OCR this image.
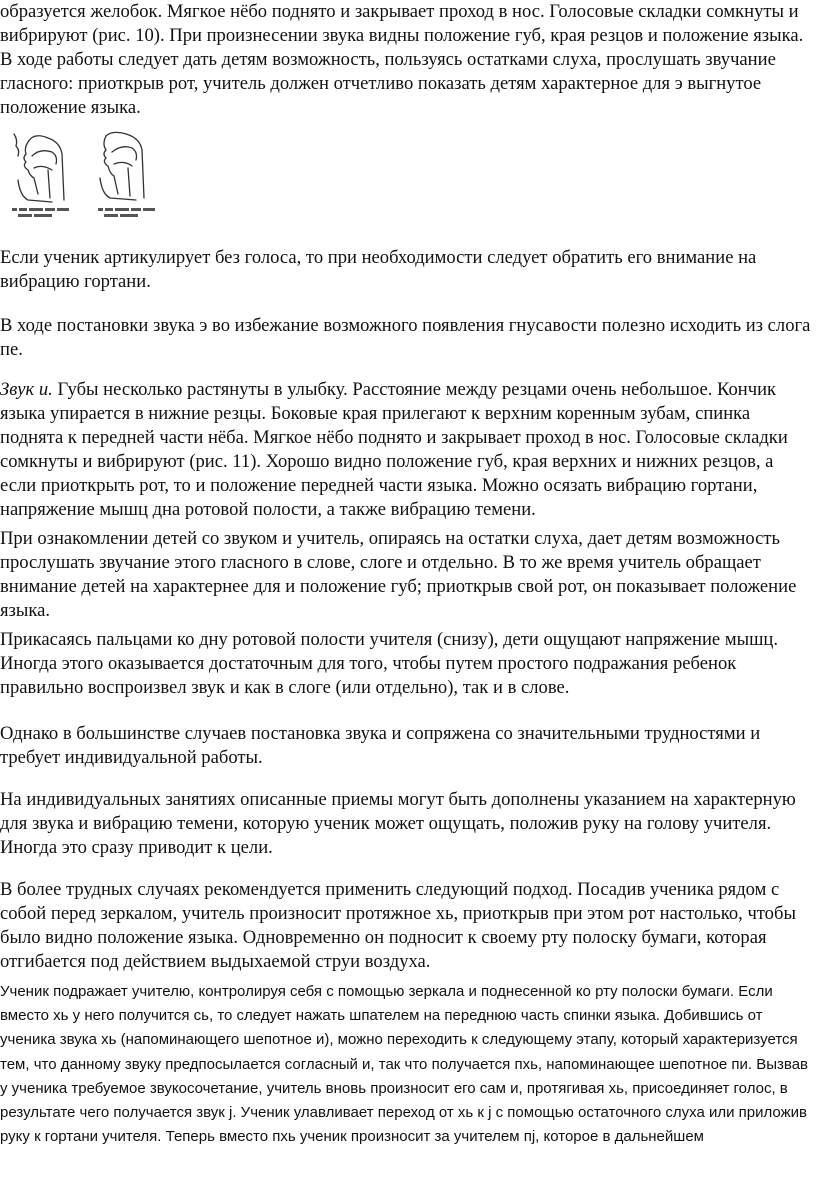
образуется желобок. Мягкое нёбо поднято и закрывает проход в нос. Голосовые складки сомкнуты и вибрируют (рис. 10). При произнесении звука видны положение губ, края резцов и положение языка. В ходе работы следует дать детям возможность, пользуясь остатками слуха, прослушать звучание гласного: приоткрыв рот, учитель должен отчетливо показать детям характерное для э выгнутое положение языка.

Если ученик артикулирует без голоса, то при необходимости следует обратить его внимание на вибрацию гортани.

В ходе постановки звука э во избежание возможного появления гнусавости полезно исходить из слога пе.

Звук и. Губы несколько растянуты в улыбку. Расстояние между резцами очень небольшое. Кончик языка упирается в нижние резцы. Боковые края прилегают к верхним коренным зубам, спинка поднята к передней части нёба. Мягкое нёбо поднято и закрывает проход в нос. Голосовые складки сомкнуты и вибрируют (рис. 11). Хорошо видно положение губ, края верхних и нижних резцов, а если приоткрыть рот, то и положение передней части языка. Можно осязать вибрацию гортани, напряжение мышц дна ротовой полости, а также вибрацию темени.

При ознакомлении детей со звуком и учитель, опираясь на остатки слуха, дает детям возможность прослушать звучание этого гласного в слове, слоге и отдельно. В то же время учитель обращает внимание детей на характернее для и положение губ; приоткрыв свой рот, он показывает положение языка.

Прикасаясь пальцами ко дну ротовой полости учителя (снизу), дети ощущают напряжение мышц. Иногда этого оказывается достаточным для того, чтобы путем простого подражания ребенок правильно воспроизвел звук и как в слоге (или отдельно), так и в слове.

Однако в большинстве случаев постановка звука и сопряжена со значительными трудностями и требует индивидуальной работы.

На индивидуальных занятиях описанные приемы могут быть дополнены указанием на характерную для звука и вибрацию темени, которую ученик может ощущать, положив руку на голову учителя. Иногда это сразу приводит к цели.

В более трудных случаях рекомендуется применить следующий подход. Посадив ученика рядом с собой перед зеркалом, учитель произносит протяжное хь, приоткрыв при этом рот настолько, чтобы было видно положение языка. Одновременно он подносит к своему рту полоску бумаги, которая отгибается под действием выдыхаемой струи воздуха.

Ученик подражает учителю, контролируя себя с помощью зеркала и поднесенной ко рту полоски бумаги. Если вместо хь у него получится сь, то следует нажать шпателем на переднюю часть спинки языка. Добившись от ученика звука хь (напоминающего шепотное и), можно переходить к следующему этапу, который характеризуется тем, что данному звуку предпосылается согласный и, так что получается пхь, напоминающее шепотное пи. Вызвав у ученика требуемое звукосочетание, учитель вновь произносит его сам и, протягивая хь, присоединяет голос, в результате чего получается звук j. Ученик улавливает переход от хь к j с помощью остаточного слуха или приложив руку к гортани учителя. Теперь вместо пхь ученик произносит за учителем пj, которое в дальнейшем
